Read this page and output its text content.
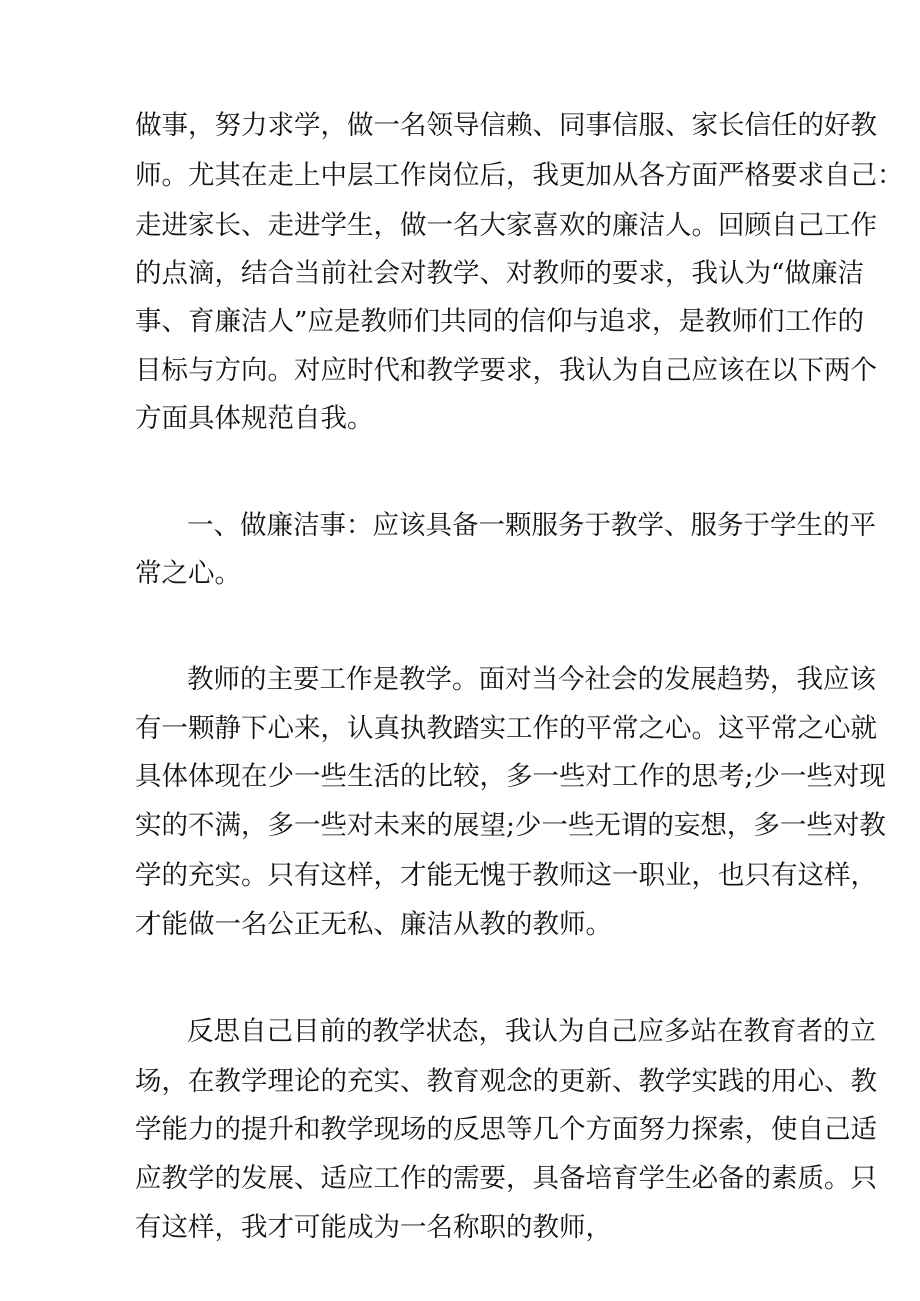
做事，努力求学，做一名领导信赖、同事信服、家长信任的好教

师。尤其在走上中层工作岗位后，我更加从各方面严格要求自己：

走进家长、走进学生，做一名大家喜欢的廉洁人。回顾自己工作

的点滴，结合当前社会对教学、对教师的要求，我认为“做廉洁

事、育廉洁人”应是教师们共同的信仰与追求，是教师们工作的

目标与方向。对应时代和教学要求，我认为自己应该在以下两个

方面具体规范自我。

一、做廉洁事：应该具备一颗服务于教学、服务于学生的平

常之心。

教师的主要工作是教学。面对当今社会的发展趋势，我应该

有一颗静下心来，认真执教踏实工作的平常之心。这平常之心就

具体体现在少一些生活的比较，多一些对工作的思考;少一些对现

实的不满，多一些对未来的展望;少一些无谓的妄想，多一些对教

学的充实。只有这样，才能无愧于教师这一职业，也只有这样，

才能做一名公正无私、廉洁从教的教师。

反思自己目前的教学状态，我认为自己应多站在教育者的立

场，在教学理论的充实、教育观念的更新、教学实践的用心、教

学能力的提升和教学现场的反思等几个方面努力探索，使自己适

应教学的发展、适应工作的需要，具备培育学生必备的素质。只

有这样，我才可能成为一名称职的教师，
